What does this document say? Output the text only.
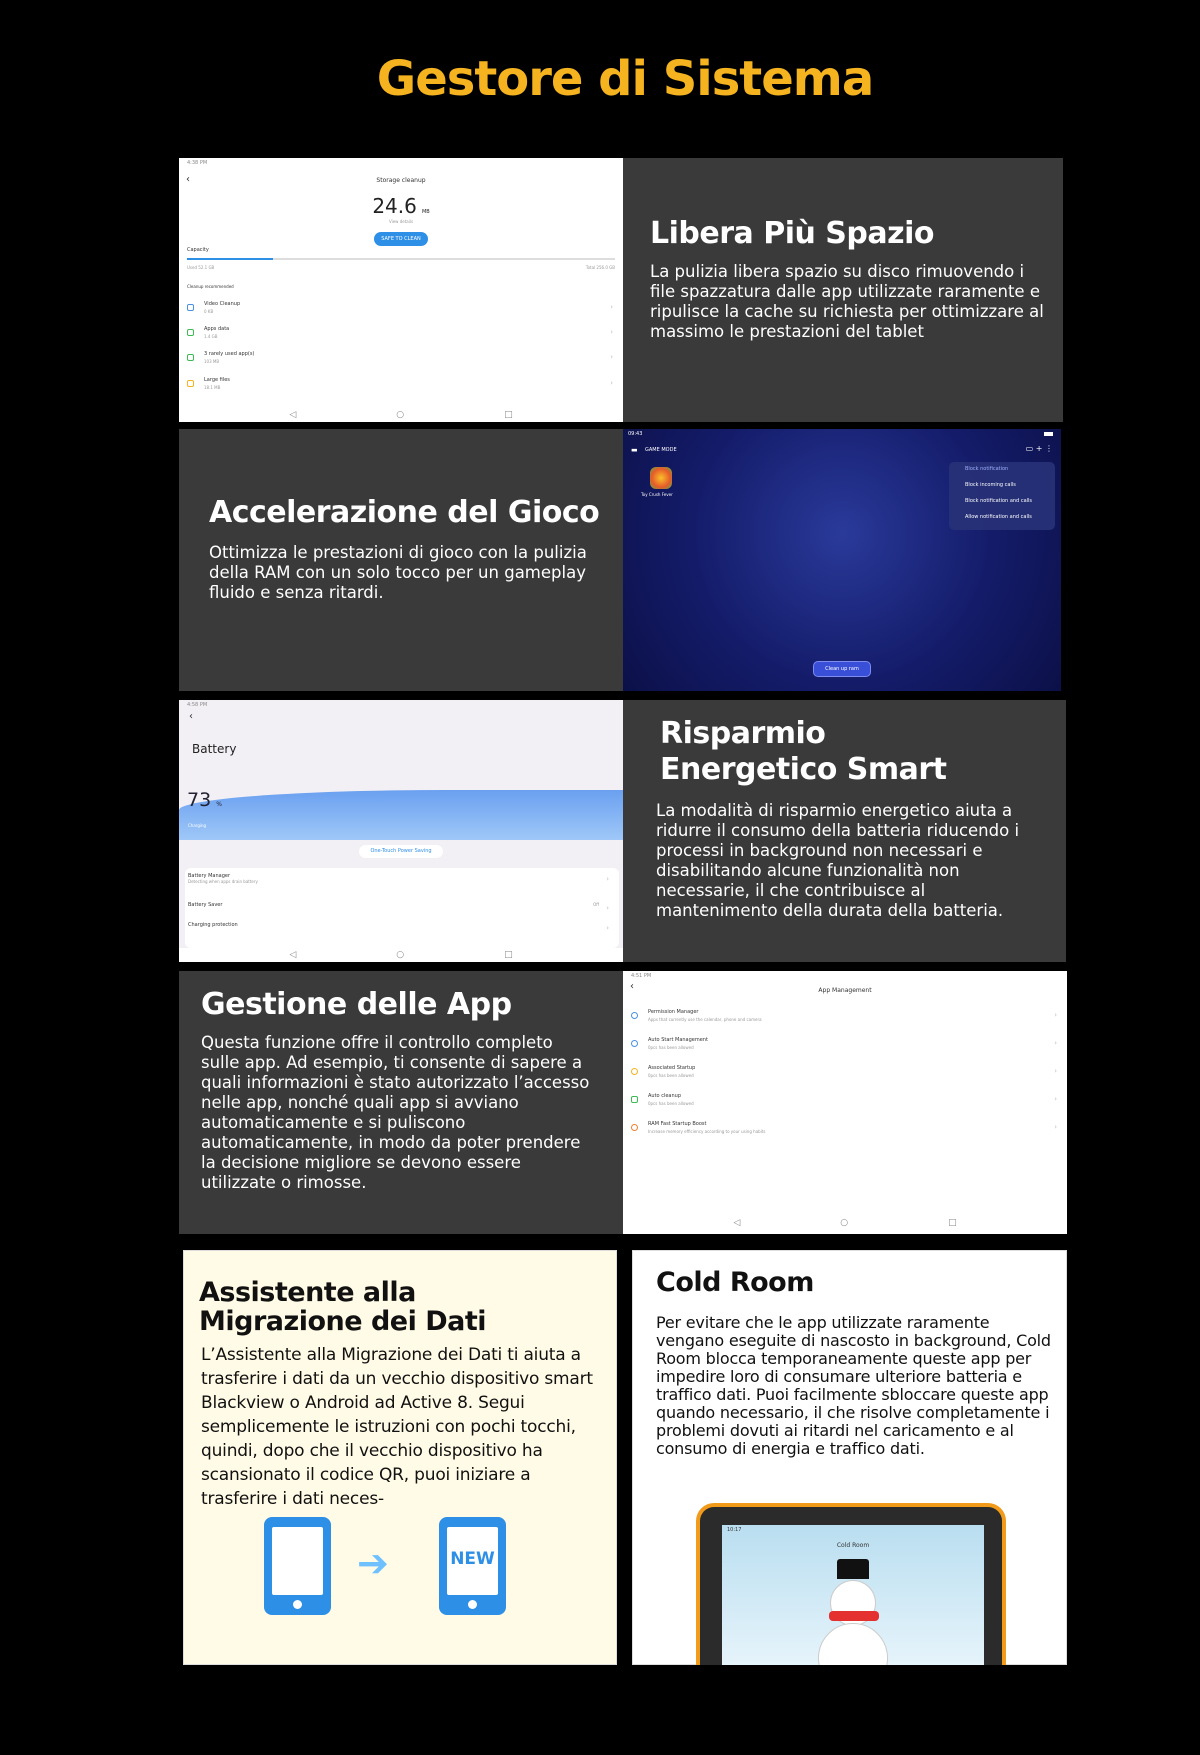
Gestore di Sistema
4:38 PM
‹	Storage cleanup
24.6 MB
View details
SAFE TO CLEAN
Capacity
Used 52.1 GB	Total 256.0 GB
Cleanup recommended
Video Cleanup
0 KB
›
Apps data
1.4 GB
›
3 rarely used app(s)
103 MB
›
Large files
18.1 MB
›
◁	○	□
Libera Più Spazio
La pulizia libera spazio su disco rimuovendo i file spazzatura dalle app utilizzate raramente e ripulisce la cache su richiesta per ottimizzare al massimo le prestazioni del tablet
Accelerazione del Gioco
Ottimizza le prestazioni di gioco con la pulizia della RAM con un solo tocco per un gameplay fluido e senza ritardi.
09:43
▬ GAME MODE	▭ + ⋮
Toy Crush Fever
Block notification
Block incoming calls
Block notification and calls
Allow notification and calls
Clean up ram
4:58 PM
‹
Battery
73 %
Charging
One-Touch Power Saving
Battery Manager
Detecting when apps drain battery	›
Battery Saver	Off ›
Charging protection	›
◁	○	□
Risparmio Energetico Smart
La modalità di risparmio energetico aiuta a ridurre il consumo della batteria riducendo i processi in background non necessari e disabilitando alcune funzionalità non necessarie, il che contribuisce al mantenimento della durata della batteria.
Gestione delle App
Questa funzione offre il controllo completo sulle app. Ad esempio, ti consente di sapere a quali informazioni è stato autorizzato l’accesso nelle app, nonché quali app si avviano automaticamente e si puliscono automaticamente, in modo da poter prendere la decisione migliore se devono essere utilizzate o rimosse.
4:51 PM
‹	App Management
Permission Manager
Apps that currently use the calendar, phone and camera
›
Auto Start Management
0pcs has been allowed
›
Associated Startup
0pcs has been allowed
›
Auto cleanup
0pcs has been allowed
›
RAM Fast Startup Boost
Increase memory efficiency according to your using habits
›
◁	○	□
Assistente alla Migrazione dei Dati
L’Assistente alla Migrazione dei Dati ti aiuta a trasferire i dati da un vecchio dispositivo smart Blackview o Android ad Active 8. Segui semplicemente le istruzioni con pochi tocchi, quindi, dopo che il vecchio dispositivo ha scansionato il codice QR, puoi iniziare a trasferire i dati neces-
➔	NEW
Cold Room
Per evitare che le app utilizzate raramente vengano eseguite di nascosto in background, Cold Room blocca temporaneamente queste app per impedire loro di consumare ulteriore batteria e traffico dati. Puoi facilmente sbloccare queste app quando necessario, il che risolve completamente i problemi dovuti ai ritardi nel caricamento e al consumo di energia e traffico dati.
10:17
Cold Room
